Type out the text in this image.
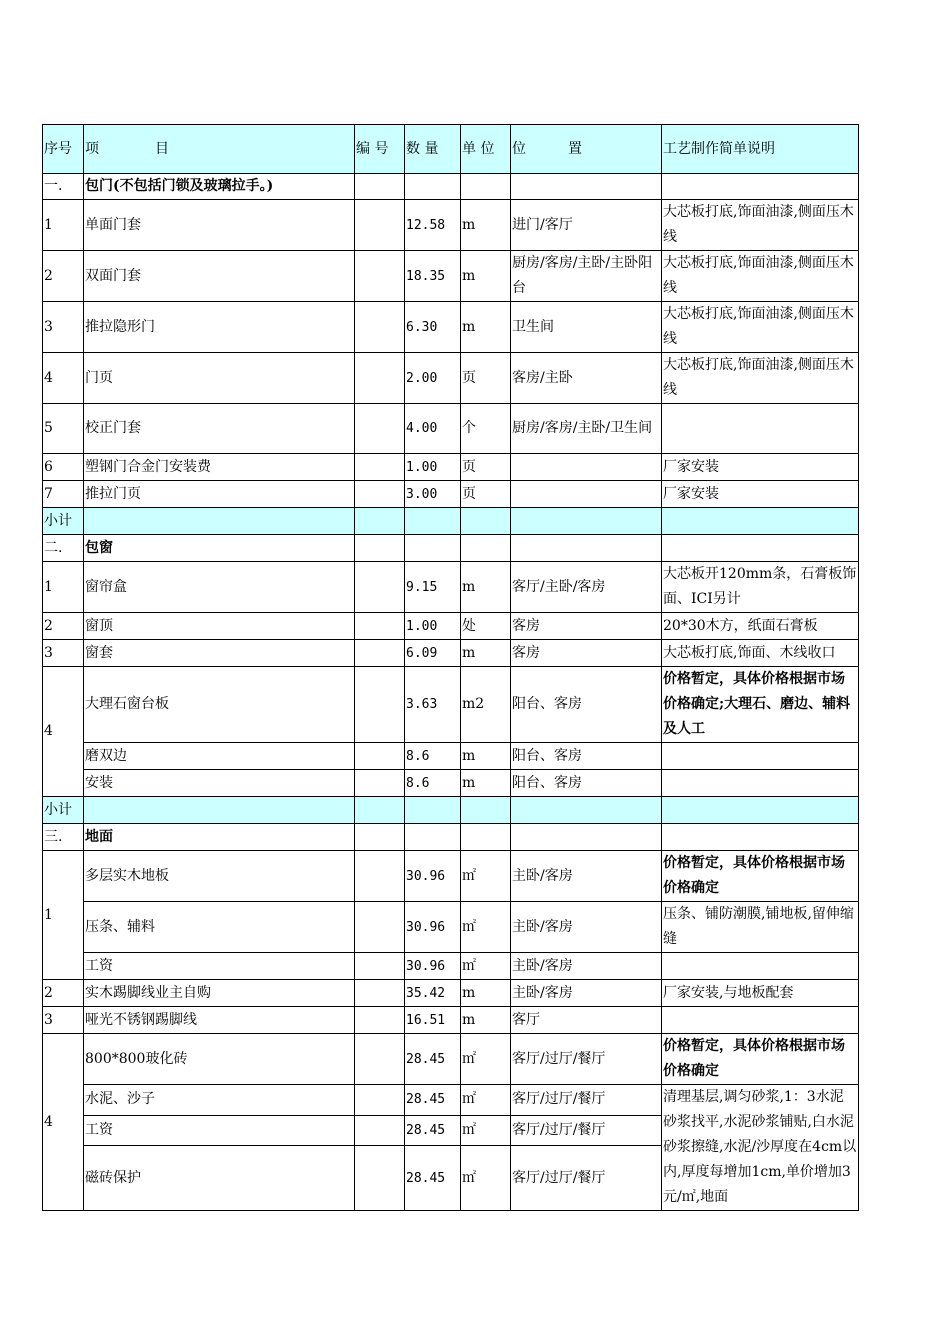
序号	项　　　　目	编 号	数 量	单 位	位　　　置	工艺制作简单说明
一.	包门(不包括门锁及玻璃拉手。)					
1	单面门套		12.58	m	进门/客厅	大芯板打底,饰面油漆,侧面压木线
2	双面门套		18.35	m	厨房/客房/主卧/主卧阳台	大芯板打底,饰面油漆,侧面压木线
3	推拉隐形门		6.30	m	卫生间	大芯板打底,饰面油漆,侧面压木线
4	门页		2.00	页	客房/主卧	大芯板打底,饰面油漆,侧面压木线
5	校正门套		4.00	个	厨房/客房/主卧/卫生间	
6	塑钢门合金门安装费		1.00	页		厂家安装
7	推拉门页		3.00	页		厂家安装
小计						
二.	包窗					
1	窗帘盒		9.15	m	客厅/主卧/客房	大芯板开120mm条，石膏板饰面、ICI另计
2	窗顶		1.00	处	客房	20*30木方，纸面石膏板
3	窗套		6.09	m	客房	大芯板打底,饰面、木线收口
4	大理石窗台板		3.63	m2	阳台、客房	价格暂定，具体价格根据市场价格确定;大理石、磨边、辅料及人工
	磨双边		8.6	m	阳台、客房	
	安装		8.6	m	阳台、客房	
小计						
三.	地面					
1	多层实木地板		30.96	㎡	主卧/客房	价格暂定，具体价格根据市场价格确定
	压条、辅料		30.96	㎡	主卧/客房	压条、铺防潮膜,铺地板,留伸缩缝
	工资		30.96	㎡	主卧/客房	
2	实木踢脚线业主自购		35.42	m	主卧/客房	厂家安装,与地板配套
3	哑光不锈钢踢脚线		16.51	m	客厅	
4	800*800玻化砖		28.45	㎡	客厅/过厅/餐厅	价格暂定，具体价格根据市场价格确定
	水泥、沙子		28.45	㎡	客厅/过厅/餐厅	清理基层,调匀砂浆,1：3水泥砂浆找平,水泥砂浆铺贴,白水泥砂浆擦缝,水泥/沙厚度在4cm以内,厚度每增加1cm,单价增加3元/㎡,地面
	工资		28.45	㎡	客厅/过厅/餐厅	
	磁砖保护		28.45	㎡	客厅/过厅/餐厅	
